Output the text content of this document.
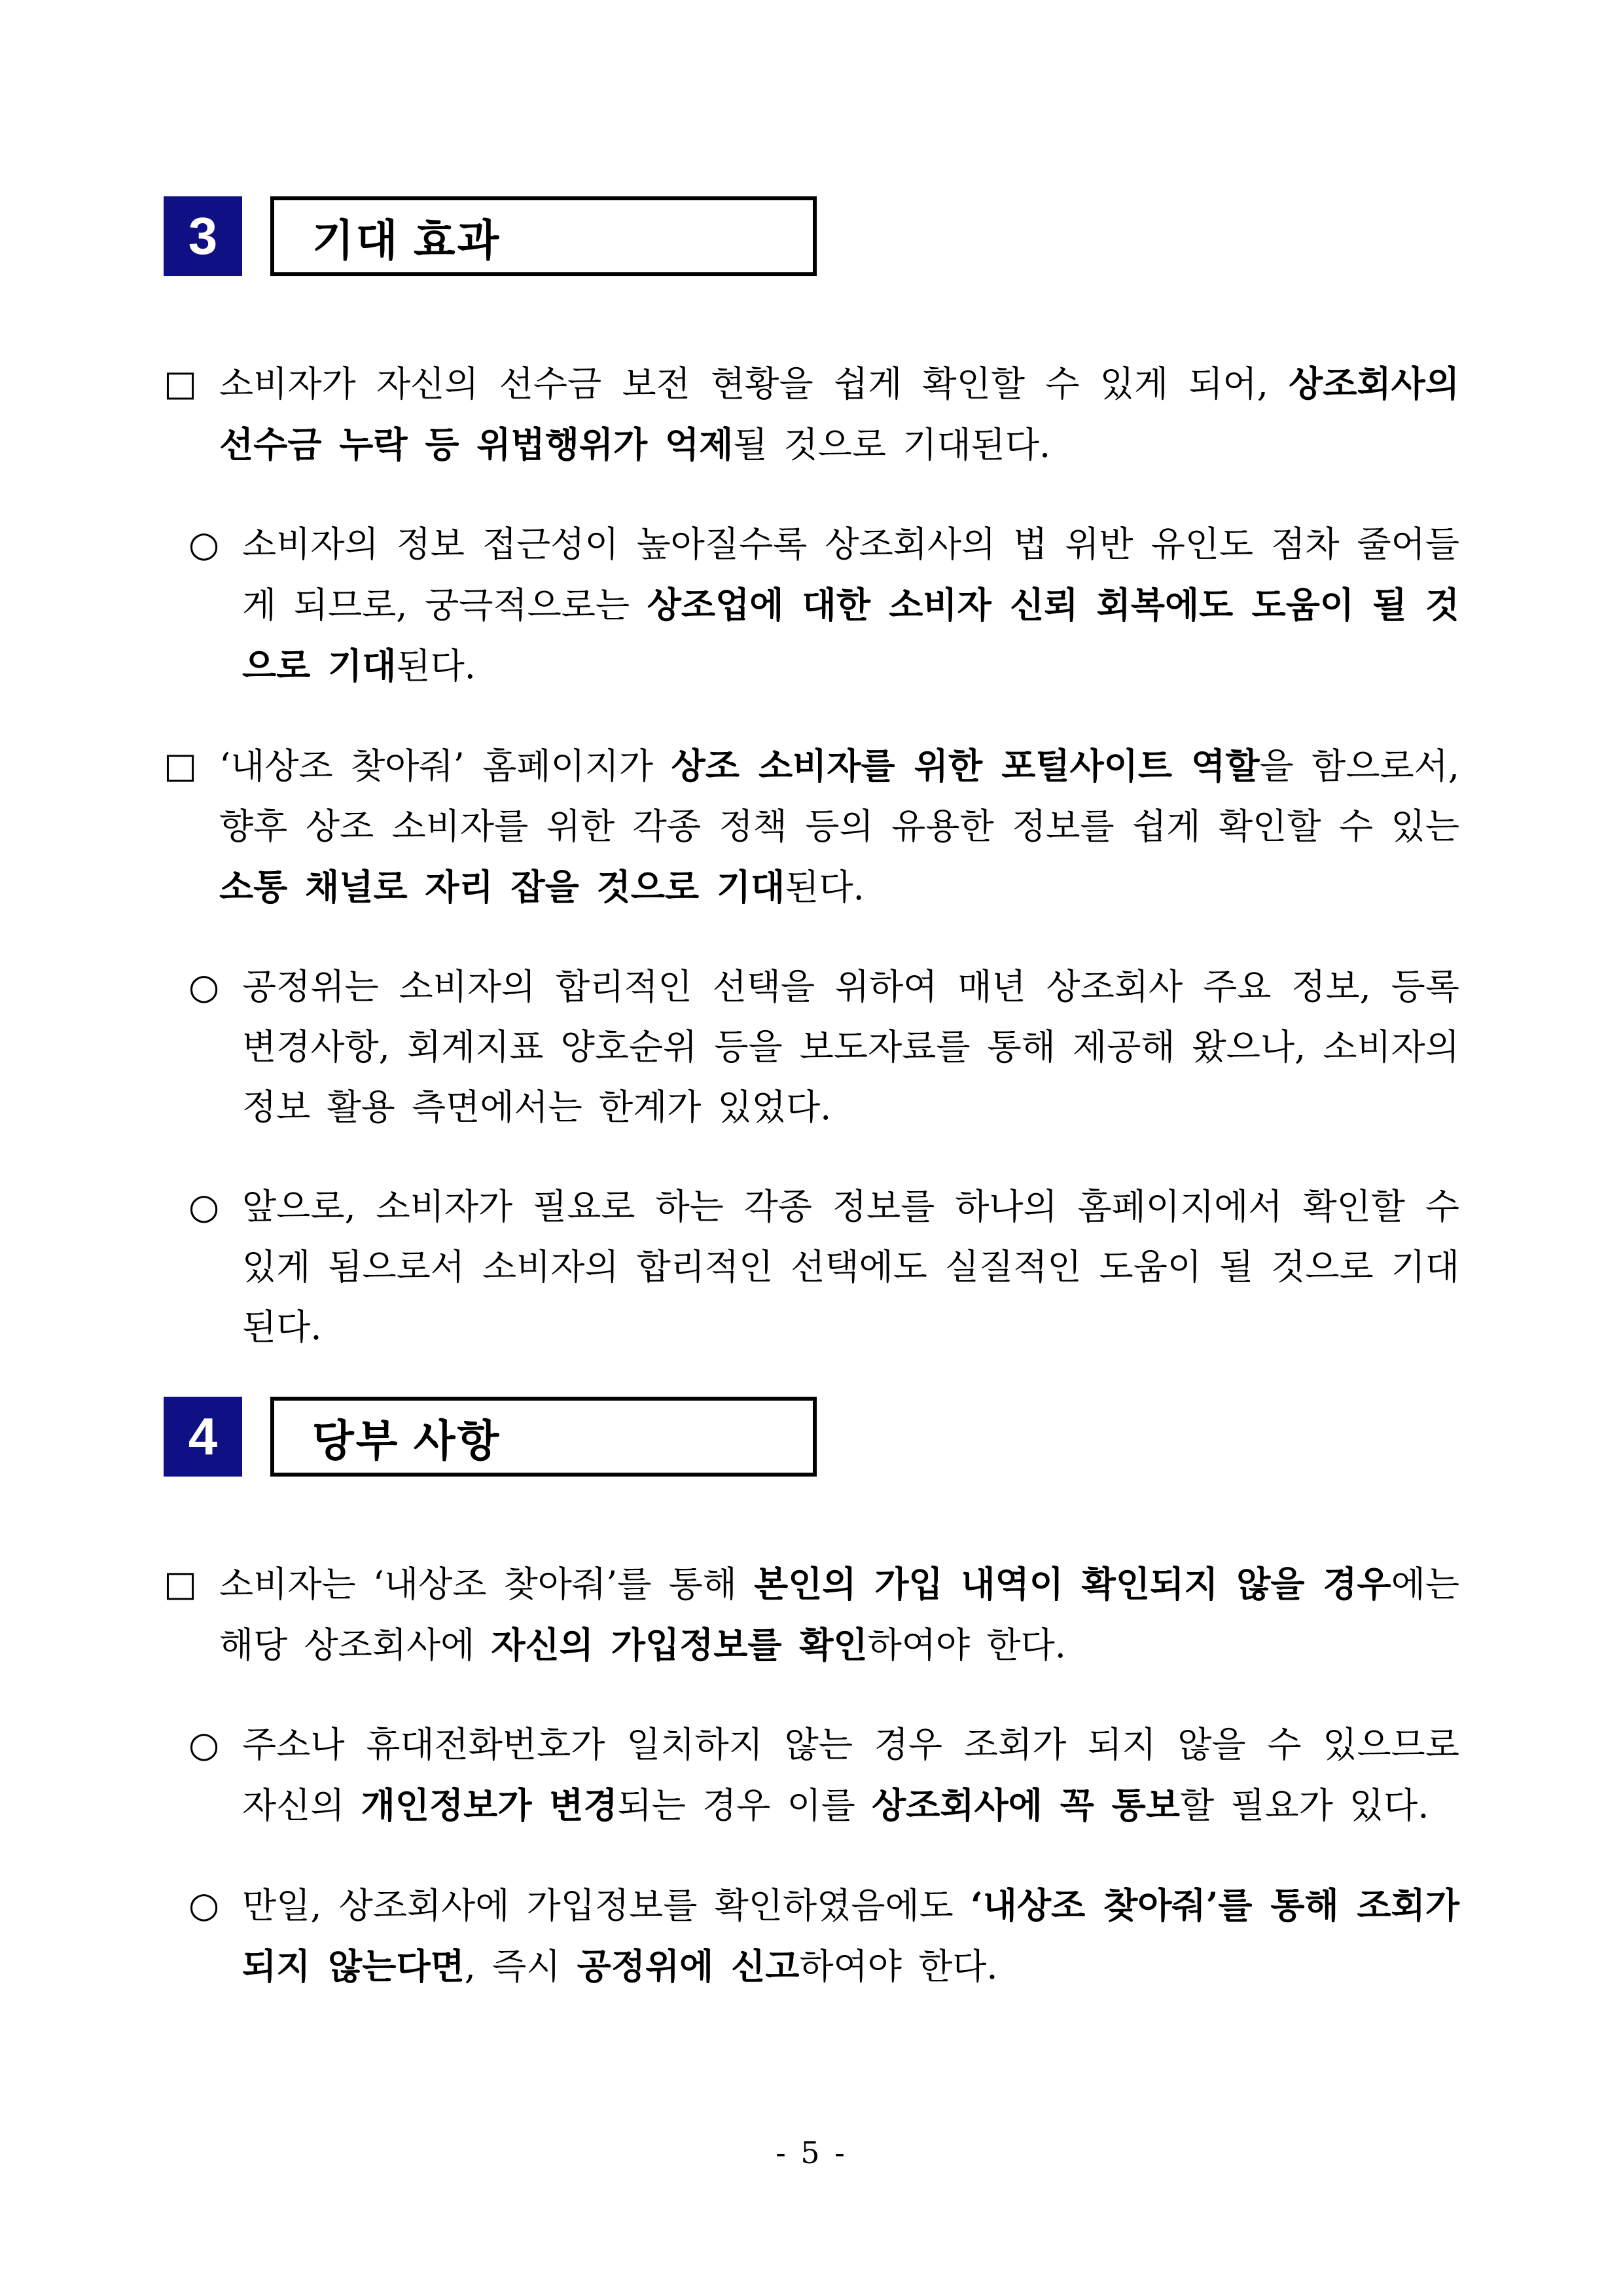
3	기대 효과
□ 소비자가 자신의 선수금 보전 현황을 쉽게 확인할 수 있게 되어, 상조회사의 선수금 누락 등 위법행위가 억제될 것으로 기대된다.
○ 소비자의 정보 접근성이 높아질수록 상조회사의 법 위반 유인도 점차 줄어들게 되므로, 궁극적으로는 상조업에 대한 소비자 신뢰 회복에도 도움이 될 것으로 기대된다.
□ ‘내상조 찾아줘’ 홈페이지가 상조 소비자를 위한 포털사이트 역할을 함으로서, 향후 상조 소비자를 위한 각종 정책 등의 유용한 정보를 쉽게 확인할 수 있는 소통 채널로 자리 잡을 것으로 기대된다.
○ 공정위는 소비자의 합리적인 선택을 위하여 매년 상조회사 주요 정보, 등록 변경사항, 회계지표 양호순위 등을 보도자료를 통해 제공해 왔으나, 소비자의 정보 활용 측면에서는 한계가 있었다.
○ 앞으로, 소비자가 필요로 하는 각종 정보를 하나의 홈페이지에서 확인할 수 있게 됨으로서 소비자의 합리적인 선택에도 실질적인 도움이 될 것으로 기대된다.
4	당부 사항
□ 소비자는 ‘내상조 찾아줘’를 통해 본인의 가입 내역이 확인되지 않을 경우에는 해당 상조회사에 자신의 가입정보를 확인하여야 한다.
○ 주소나 휴대전화번호가 일치하지 않는 경우 조회가 되지 않을 수 있으므로 자신의 개인정보가 변경되는 경우 이를 상조회사에 꼭 통보할 필요가 있다.
○ 만일, 상조회사에 가입정보를 확인하였음에도 ‘내상조 찾아줘’를 통해 조회가 되지 않는다면, 즉시 공정위에 신고하여야 한다.
- 5 -
